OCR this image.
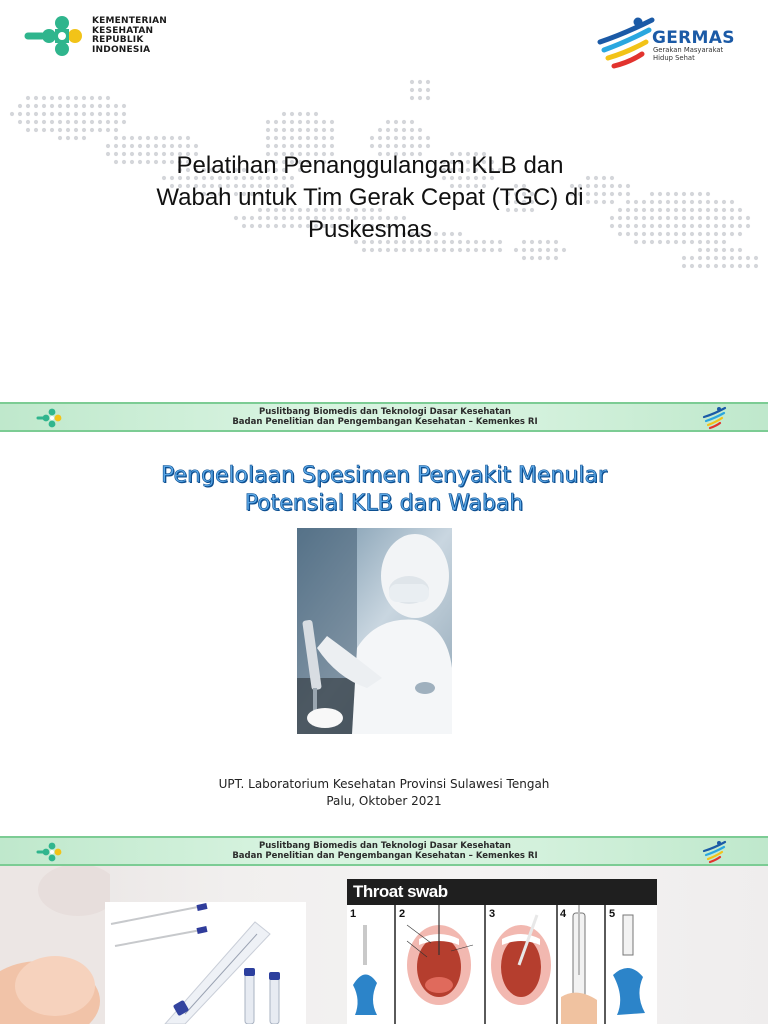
KEMENTERIAN
KESEHATAN
REPUBLIK
INDONESIA
GERMAS
Gerakan Masyarakat
Hidup Sehat
Pelatihan Penanggulangan KLB dan
Wabah untuk Tim Gerak Cepat (TGC) di
Puskesmas
Puslitbang Biomedis dan Teknologi Dasar Kesehatan
Badan Penelitian dan Pengembangan Kesehatan – Kemenkes RI
Pengelolaan Spesimen Penyakit Menular
Potensial KLB dan Wabah
UPT. Laboratorium Kesehatan Provinsi Sulawesi Tengah
Palu, Oktober 2021
Puslitbang Biomedis dan Teknologi Dasar Kesehatan
Badan Penelitian dan Pengembangan Kesehatan – Kemenkes RI
Throat swab
1	2	3	4	5
